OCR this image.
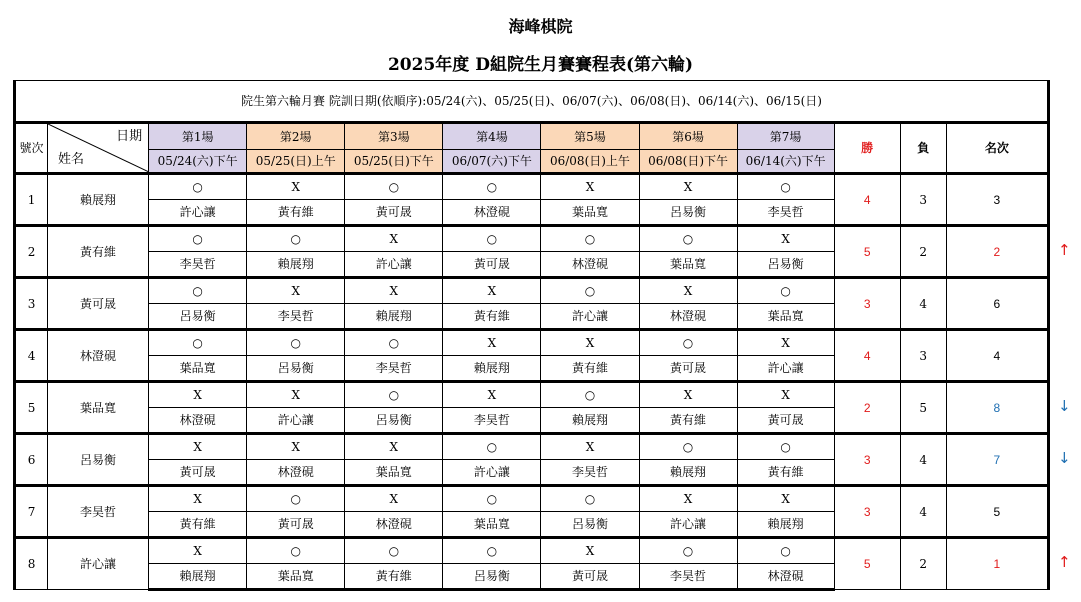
海峰棋院
2025年度 D組院生月賽賽程表(第六輪)
院生第六輪月賽 院訓日期(依順序):05/24(六)、05/25(日)、06/07(六)、06/08(日)、06/14(六)、06/15(日)											
號次	日期
姓名	第1場	第2場	第3場	第4場	第5場	第6場	第7場	勝	負	名次
		05/24(六)下午	05/25(日)上午	05/25(日)下午	06/07(六)下午	06/08(日)上午	06/08(日)下午	06/14(六)下午			
1	賴展翔	○	X	○	○	X	X	○	4	3	3
		許心讓	黃有維	黃可晟	林澄硯	葉品寬	呂易衡	李昊哲			
2	黃有維	○	○	X	○	○	○	X	5	2	2
		李昊哲	賴展翔	許心讓	黃可晟	林澄硯	葉品寬	呂易衡			
3	黃可晟	○	X	X	X	○	X	○	3	4	6
		呂易衡	李昊哲	賴展翔	黃有維	許心讓	林澄硯	葉品寬			
4	林澄硯	○	○	○	X	X	○	X	4	3	4
		葉品寬	呂易衡	李昊哲	賴展翔	黃有維	黃可晟	許心讓			
5	葉品寬	X	X	○	X	○	X	X	2	5	8
		林澄硯	許心讓	呂易衡	李昊哲	賴展翔	黃有維	黃可晟			
6	呂易衡	X	X	X	○	X	○	○	3	4	7
		黃可晟	林澄硯	葉品寬	許心讓	李昊哲	賴展翔	黃有維			
7	李昊哲	X	○	X	○	○	X	X	3	4	5
		黃有維	黃可晟	林澄硯	葉品寬	呂易衡	許心讓	賴展翔			
8	許心讓	X	○	○	○	X	○	○	5	2	1
		賴展翔	葉品寬	黃有維	呂易衡	黃可晟	李昊哲	林澄硯			
↑
↓
↓
↑
